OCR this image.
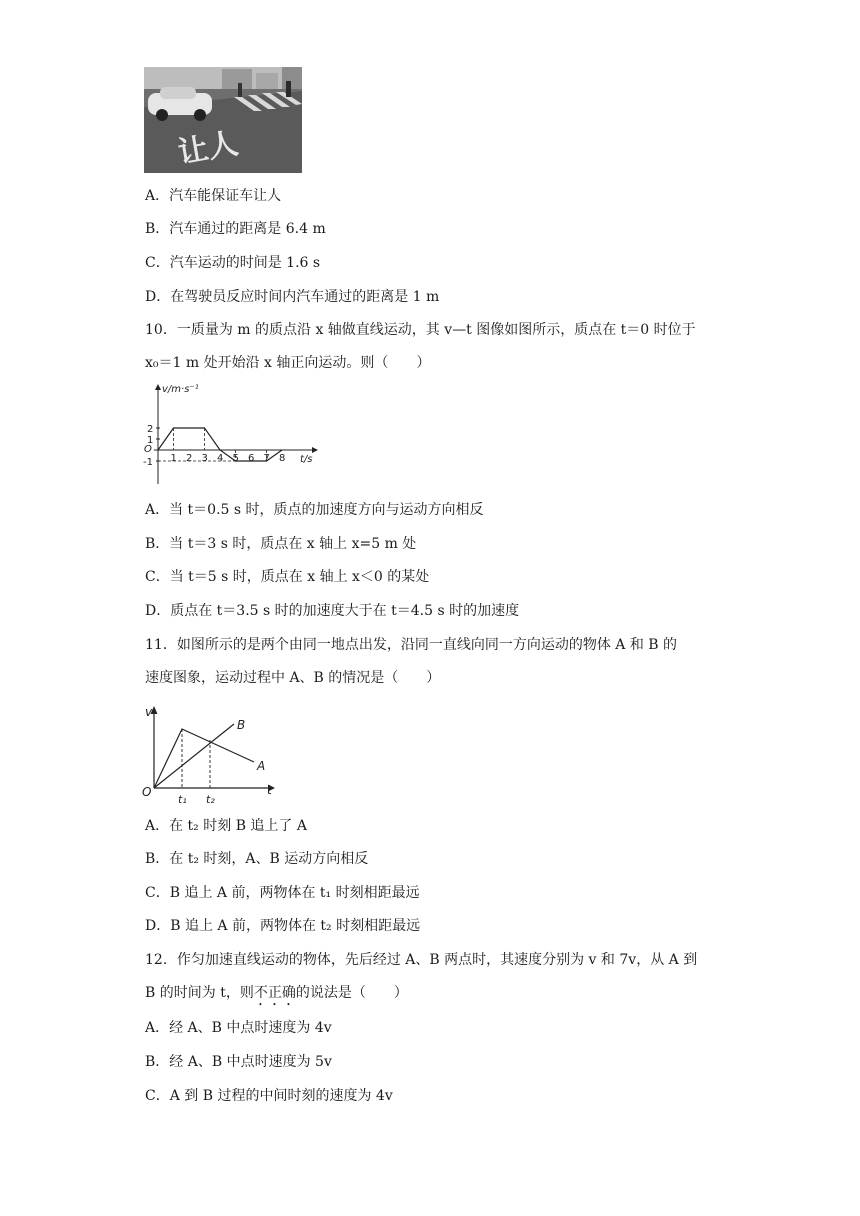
让人
A．汽车能保证车让人
B．汽车通过的距离是 6.4 m
C．汽车运动的时间是 1.6 s
D．在驾驶员反应时间内汽车通过的距离是 1 m
10．一质量为 m 的质点沿 x 轴做直线运动，其 v—t 图像如图所示，质点在 t＝0 时位于
x₀＝1 m 处开始沿 x 轴正向运动。则（　　）
v/m·s⁻¹
t/s
O
1 2 3 4 5 6 7 8
2
1
-1
A．当 t＝0.5 s 时，质点的加速度方向与运动方向相反
B．当 t＝3 s 时，质点在 x 轴上 x=5 m 处
C．当 t＝5 s 时，质点在 x 轴上 x＜0 的某处
D．质点在 t＝3.5 s 时的加速度大于在 t＝4.5 s 时的加速度
11．如图所示的是两个由同一地点出发，沿同一直线向同一方向运动的物体 A 和 B 的
速度图象，运动过程中 A、B 的情况是（　　）
v
t
O
B
A
t₁ t₂
A．在 t₂ 时刻 B 追上了 A
B．在 t₂ 时刻，A、B 运动方向相反
C．B 追上 A 前，两物体在 t₁ 时刻相距最远
D．B 追上 A 前，两物体在 t₂ 时刻相距最远
12．作匀加速直线运动的物体，先后经过 A、B 两点时，其速度分别为 v 和 7v，从 A 到
B 的时间为 t，则不正确的说法是（　　）
A．经 A、B 中点时速度为 4v
B．经 A、B 中点时速度为 5v
C．A 到 B 过程的中间时刻的速度为 4v
